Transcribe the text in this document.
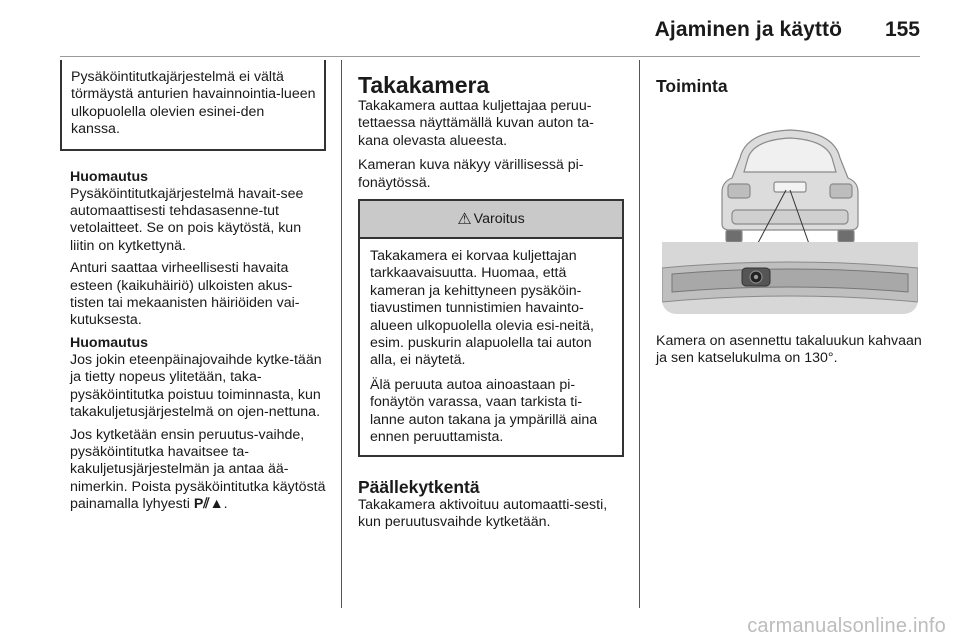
Ajaminen ja käyttö 155
Pysäköintitutkajärjestelmä ei vältä törmäystä anturien havainnointia-lueen ulkopuolella olevien esinei-den kanssa.
Huomautus

Pysäköintitutkajärjestelmä havait-see automaattisesti tehdasasenne-tut vetolaitteet. Se on pois käytöstä, kun liitin on kytkettynä.

Anturi saattaa virheellisesti havaita esteen (kaikuhäiriö) ulkoisten akus-tisten tai mekaanisten häiriöiden vai-kutuksesta.

Huomautus

Jos jokin eteenpäinajovaihde kytke-tään ja tietty nopeus ylitetään, taka-pysäköintitutka poistuu toiminnasta, kun takakuljetusjärjestelmä on ojen-nettuna.

Jos kytketään ensin peruutus-vaihde, pysäköintitutka havaitsee ta-kakuljetusjärjestelmän ja antaa ää-nimerkin. Poista pysäköintitutka käytöstä painamalla lyhyesti P⫽▲.

Takakamera

Takakamera auttaa kuljettajaa peruu-tettaessa näyttämällä kuvan auton ta-kana olevasta alueesta.

Kameran kuva näkyy värillisessä pi-fonäytössä.

⚠ Varoitus

Takakamera ei korvaa kuljettajan tarkkaavaisuutta. Huomaa, että kameran ja kehittyneen pysäköin-tiavustimen tunnistimien havainto-alueen ulkopuolella olevia esi-neitä, esim. puskurin alapuolella tai auton alla, ei näytetä.

Älä peruuta autoa ainoastaan pi-fonäytön varassa, vaan tarkista ti-lanne auton takana ja ympärillä aina ennen peruuttamista.

Päällekytkentä

Takakamera aktivoituu automaatti-sesti, kun peruutusvaihde kytketään.

Toiminta

Kamera on asennettu takaluukun kahvaan ja sen katselukulma on 130°.

carmanualsonline.info
